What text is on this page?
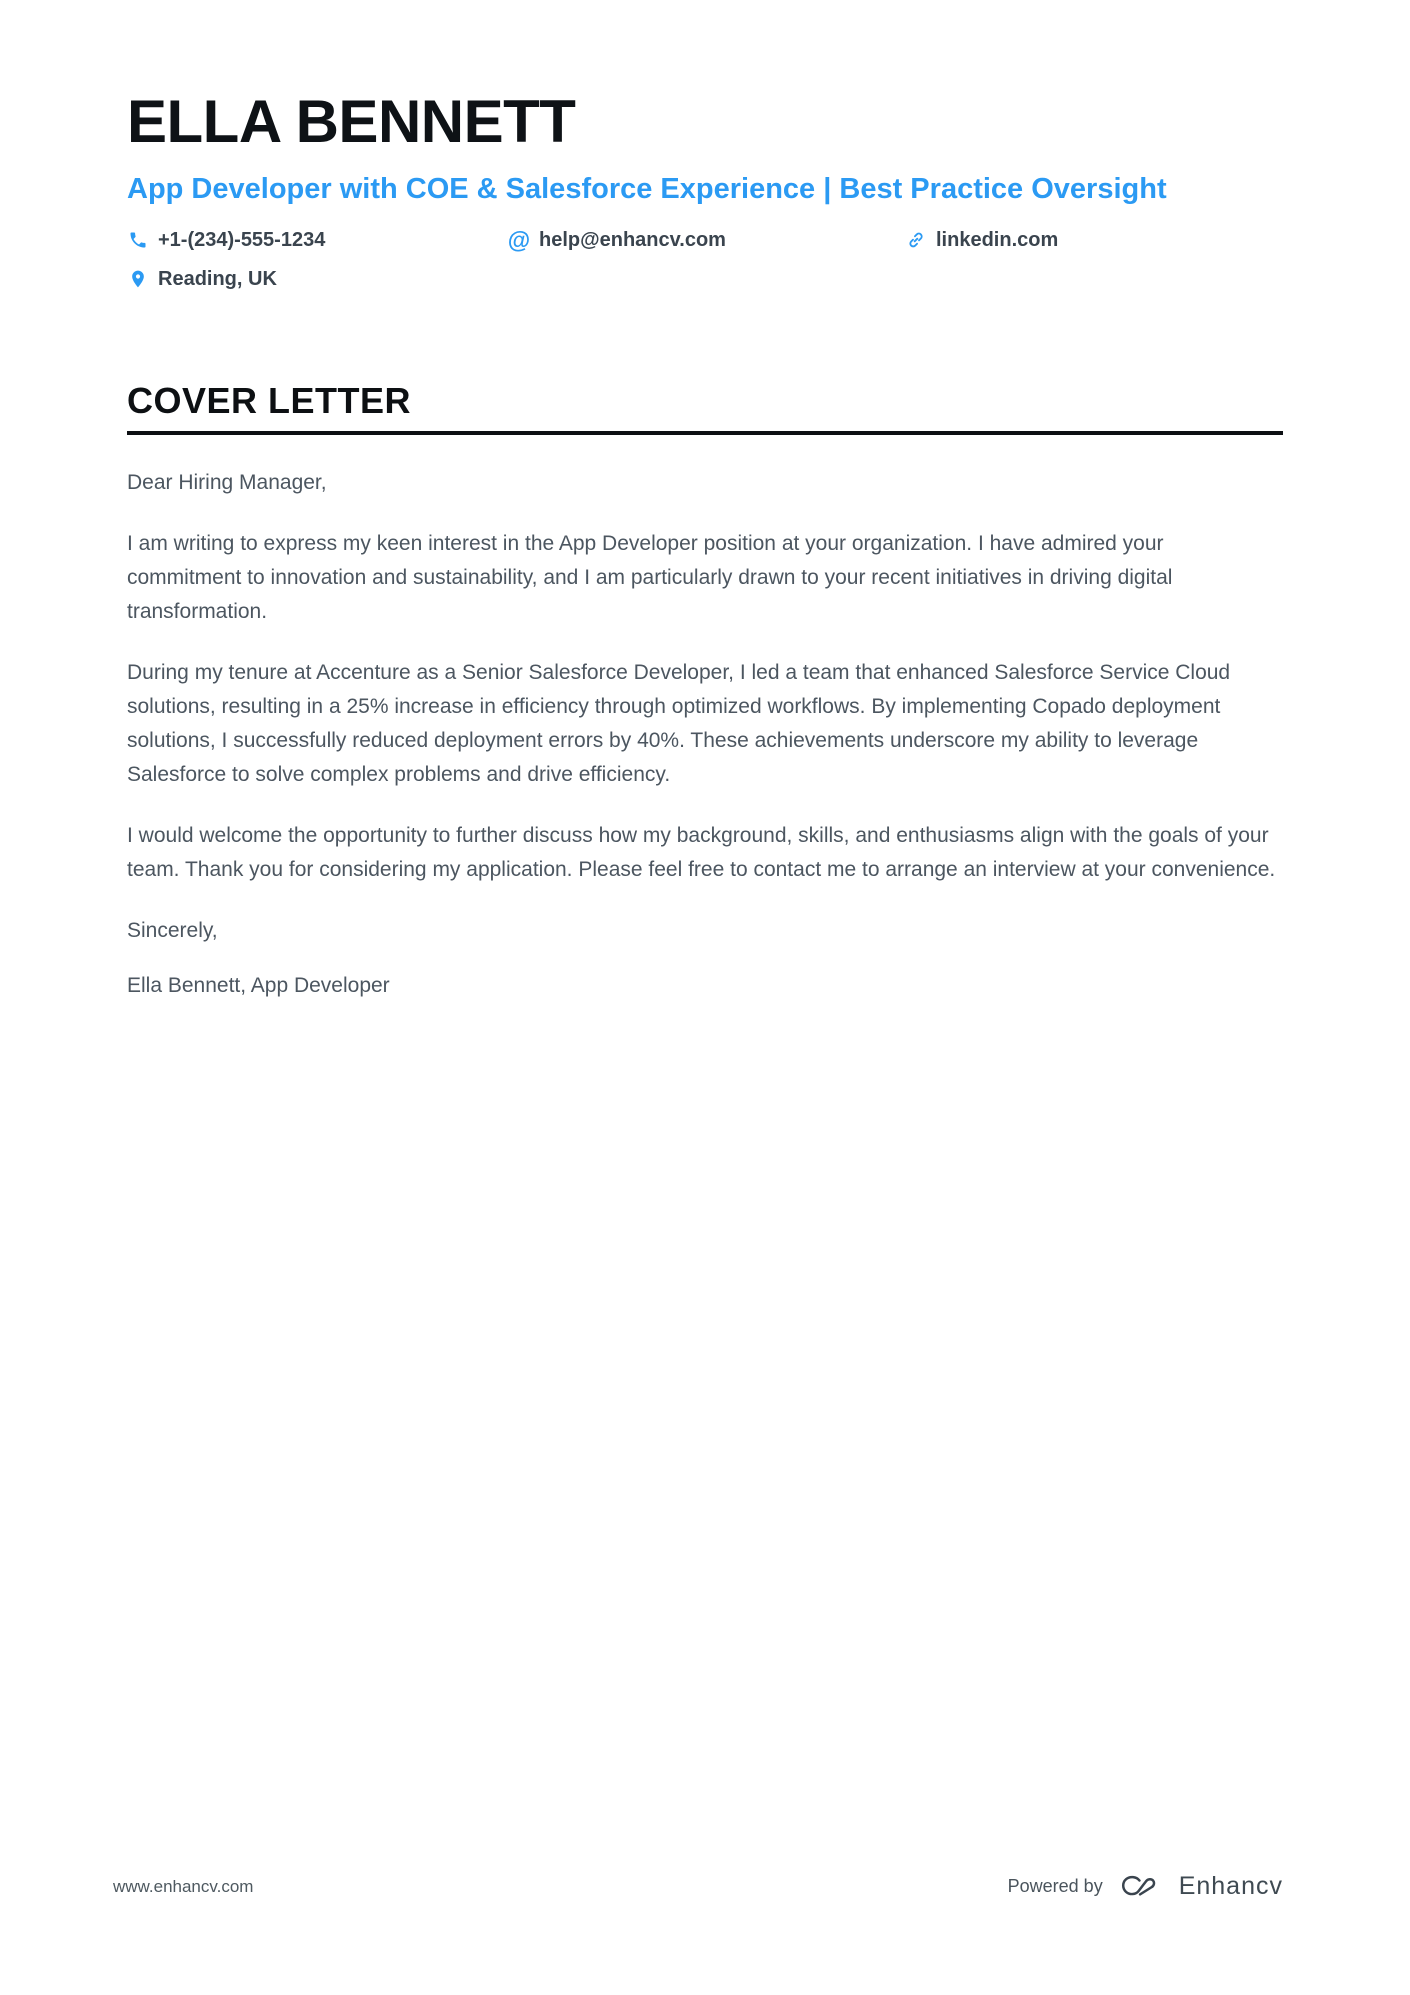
ELLA BENNETT
App Developer with COE & Salesforce Experience | Best Practice Oversight
+1-(234)-555-1234	@ help@enhancv.com	linkedin.com
Reading, UK
COVER LETTER

Dear Hiring Manager,

I am writing to express my keen interest in the App Developer position at your organization. I have admired your commitment to innovation and sustainability, and I am particularly drawn to your recent initiatives in driving digital transformation.

During my tenure at Accenture as a Senior Salesforce Developer, I led a team that enhanced Salesforce Service Cloud solutions, resulting in a 25% increase in efficiency through optimized workflows. By implementing Copado deployment solutions, I successfully reduced deployment errors by 40%. These achievements underscore my ability to leverage Salesforce to solve complex problems and drive efficiency.

I would welcome the opportunity to further discuss how my background, skills, and enthusiasms align with the goals of your team. Thank you for considering my application. Please feel free to contact me to arrange an interview at your convenience.

Sincerely,

Ella Bennett, App Developer

www.enhancv.com	Powered by	Enhancv
